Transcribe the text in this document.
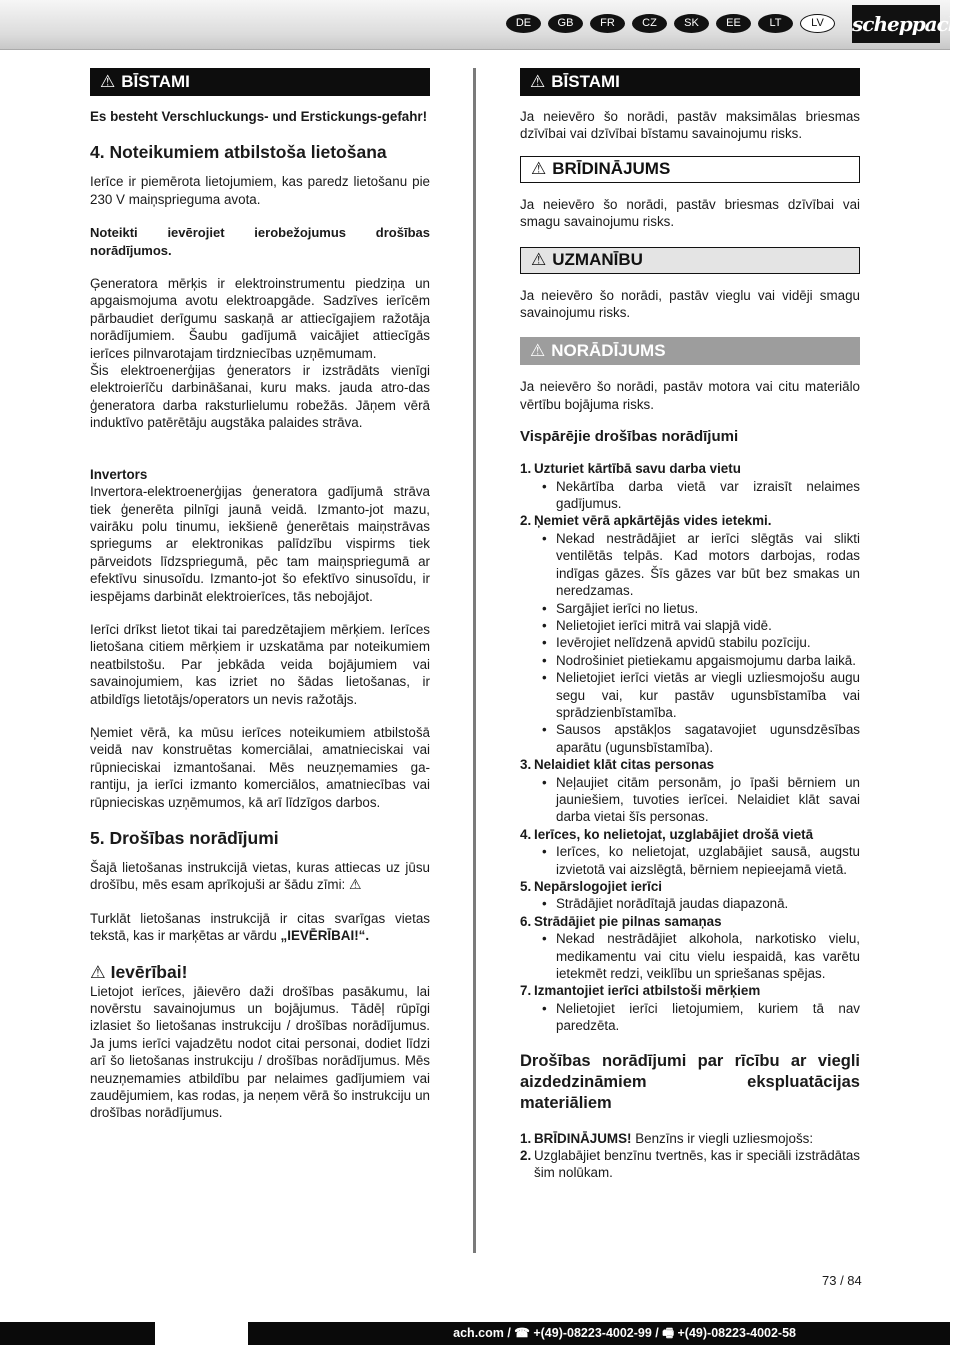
DE	GB	FR	CZ	SK	EE	LT	LV	scheppach
⚠ BĪSTAMI
Es besteht Verschluckungs- und Erstickungs-gefahr!
4. Noteikumiem atbilstoša lietošana
Ierīce ir piemērota lietojumiem, kas paredz lietošanu pie 230 V maiņsprieguma avota.
Noteikti ievērojiet ierobežojumus drošības norādījumos.
Ģeneratora mērķis ir elektroinstrumentu piedziņa un apgaismojuma avotu elektroapgāde. Sadzīves ierīcēm pārbaudiet derīgumu saskaņā ar attiecīgajiem ražotāja norādījumiem. Šaubu gadījumā vaicājiet attiecīgās ierīces pilnvarotajam tirdzniecības uzņēmumam.
Šis elektroenerģijas ģenerators ir izstrādāts vienīgi elektroierīču darbināšanai, kuru maks. jauda atro-das ģeneratora darba raksturlielumu robežās. Jāņem vērā induktīvo patērētāju augstāka palaides strāva.
Invertors
Invertora-elektroenerģijas ģeneratora gadījumā strāva tiek ģenerēta pilnīgi jaunā veidā. Izmanto-jot mazu, vairāku polu tinumu, iekšienē ģenerētais maiņstrāvas spriegums ar elektronikas palīdzību vispirms tiek pārveidots līdzspriegumā, pēc tam maiņspriegumā ar efektīvu sinusoīdu. Izmanto-jot šo efektīvo sinusoīdu, ir iespējams darbināt elektroierīces, tās nebojājot.
Ierīci drīkst lietot tikai tai paredzētajiem mērķiem. Ierīces lietošana citiem mērķiem ir uzskatāma par noteikumiem neatbilstošu. Par jebkāda veida bojājumiem vai savainojumiem, kas izriet no šādas lietošanas, ir atbildīgs lietotājs/operators un nevis ražotājs.
Ņemiet vērā, ka mūsu ierīces noteikumiem atbilstošā veidā nav konstruētas komerciālai, amatnieciskai vai rūpnieciskai izmantošanai. Mēs neuzņemamies ga-rantiju, ja ierīci izmanto komerciālos, amatniecības vai rūpnieciskas uzņēmumos, kā arī līdzīgos darbos.
5. Drošības norādījumi
Šajā lietošanas instrukcijā vietas, kuras attiecas uz jūsu drošību, mēs esam aprīkojuši ar šādu zīmi: ⚠
Turklāt lietošanas instrukcijā ir citas svarīgas vietas tekstā, kas ir marķētas ar vārdu „IEVĒRĪBAI!“.
⚠ Ievērībai!
Lietojot ierīces, jāievēro daži drošības pasākumu, lai novērstu savainojumus un bojājumus. Tādēļ rūpīgi izlasiet šo lietošanas instrukciju / drošības norādījumus. Ja jums ierīci vajadzētu nodot citai personai, dodiet līdzi arī šo lietošanas instrukciju / drošības norādījumus. Mēs neuzņemamies atbildību par nelaimes gadījumiem vai zaudējumiem, kas rodas, ja neņem vērā šo instrukciju un drošības norādījumus.
⚠ BĪSTAMI
Ja neievēro šo norādi, pastāv maksimālas briesmas dzīvībai vai dzīvībai bīstamu savainojumu risks.
⚠ BRĪDINĀJUMS
Ja neievēro šo norādi, pastāv briesmas dzīvībai vai smagu savainojumu risks.
⚠ UZMANĪBU
Ja neievēro šo norādi, pastāv vieglu vai vidēji smagu savainojumu risks.
⚠ NORĀDĪJUMS
Ja neievēro šo norādi, pastāv motora vai citu materiālo vērtību bojājuma risks.
Vispārējie drošības norādījumi
1. Uzturiet kārtībā savu darba vietu
• Nekārtība darba vietā var izraisīt nelaimes gadījumus.
2. Ņemiet vērā apkārtējās vides ietekmi.
• Nekad nestrādājiet ar ierīci slēgtās vai slikti ventilētās telpās. Kad motors darbojas, rodas indīgas gāzes. Šīs gāzes var būt bez smakas un neredzamas.
• Sargājiet ierīci no lietus.
• Nelietojiet ierīci mitrā vai slapjā vidē.
• Ievērojiet nelīdzenā apvidū stabilu pozīciju.
• Nodrošiniet pietiekamu apgaismojumu darba laikā.
• Nelietojiet ierīci vietās ar viegli uzliesmojošu augu segu vai, kur pastāv ugunsbīstamība vai sprādzienbīstamība.
• Sausos apstākļos sagatavojiet ugunsdzēsības aparātu (ugunsbīstamība).
3. Nelaidiet klāt citas personas
• Neļaujiet citām personām, jo īpaši bērniem un jauniešiem, tuvoties ierīcei. Nelaidiet klāt savai darba vietai šīs personas.
4. Ierīces, ko nelietojat, uzglabājiet drošā vietā
• Ierīces, ko nelietojat, uzglabājiet sausā, augstu izvietotā vai aizslēgtā, bērniem nepieejamā vietā.
5. Nepārslogojiet ierīci
• Strādājiet norādītajā jaudas diapazonā.
6. Strādājiet pie pilnas samaņas
• Nekad nestrādājiet alkohola, narkotisko vielu, medikamentu vai citu vielu iespaidā, kas varētu ietekmēt redzi, veiklību un spriešanas spējas.
7. Izmantojiet ierīci atbilstoši mērķiem
• Nelietojiet ierīci lietojumiem, kuriem tā nav paredzēta.
Drošības norādījumi par rīcību ar viegli aizdedzināmiem ekspluatācijas materiāliem
1. BRĪDINĀJUMS! Benzīns ir viegli uzliesmojošs:
2. Uzglabājiet benzīnu tvertnēs, kas ir speciāli izstrādātas šim nolūkam.
73 / 84
ach.com / ☎ +(49)-08223-4002-99 / 🖷 +(49)-08223-4002-58
